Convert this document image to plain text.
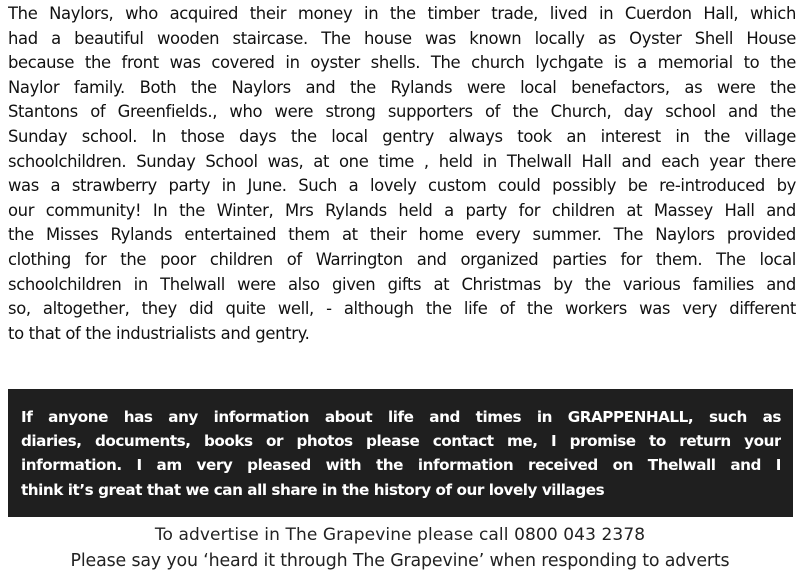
The Naylors, who acquired their money in the timber trade, lived in Cuerdon Hall, which
had a beautiful wooden staircase. The house was known locally as Oyster Shell House
because the front was covered in oyster shells. The church lychgate is a memorial to the
Naylor family. Both the Naylors and the Rylands were local benefactors, as were the
Stantons of Greenfields., who were strong supporters of the Church, day school and the
Sunday school. In those days the local gentry always took an interest in the village
schoolchildren. Sunday School was, at one time , held in Thelwall Hall and each year there
was a strawberry party in June. Such a lovely custom could possibly be re-introduced by
our community! In the Winter, Mrs Rylands held a party for children at Massey Hall and
the Misses Rylands entertained them at their home every summer. The Naylors provided
clothing for the poor children of Warrington and organized parties for them. The local
schoolchildren in Thelwall were also given gifts at Christmas by the various families and
so, altogether, they did quite well, - although the life of the workers was very different
to that of the industrialists and gentry.
If anyone has any information about life and times in GRAPPENHALL, such as
diaries, documents, books or photos please contact me, I promise to return your
information. I am very pleased with the information received on Thelwall and I
think it’s great that we can all share in the history of our lovely villages
To advertise in The Grapevine please call 0800 043 2378
Please say you ‘heard it through The Grapevine’ when responding to adverts
